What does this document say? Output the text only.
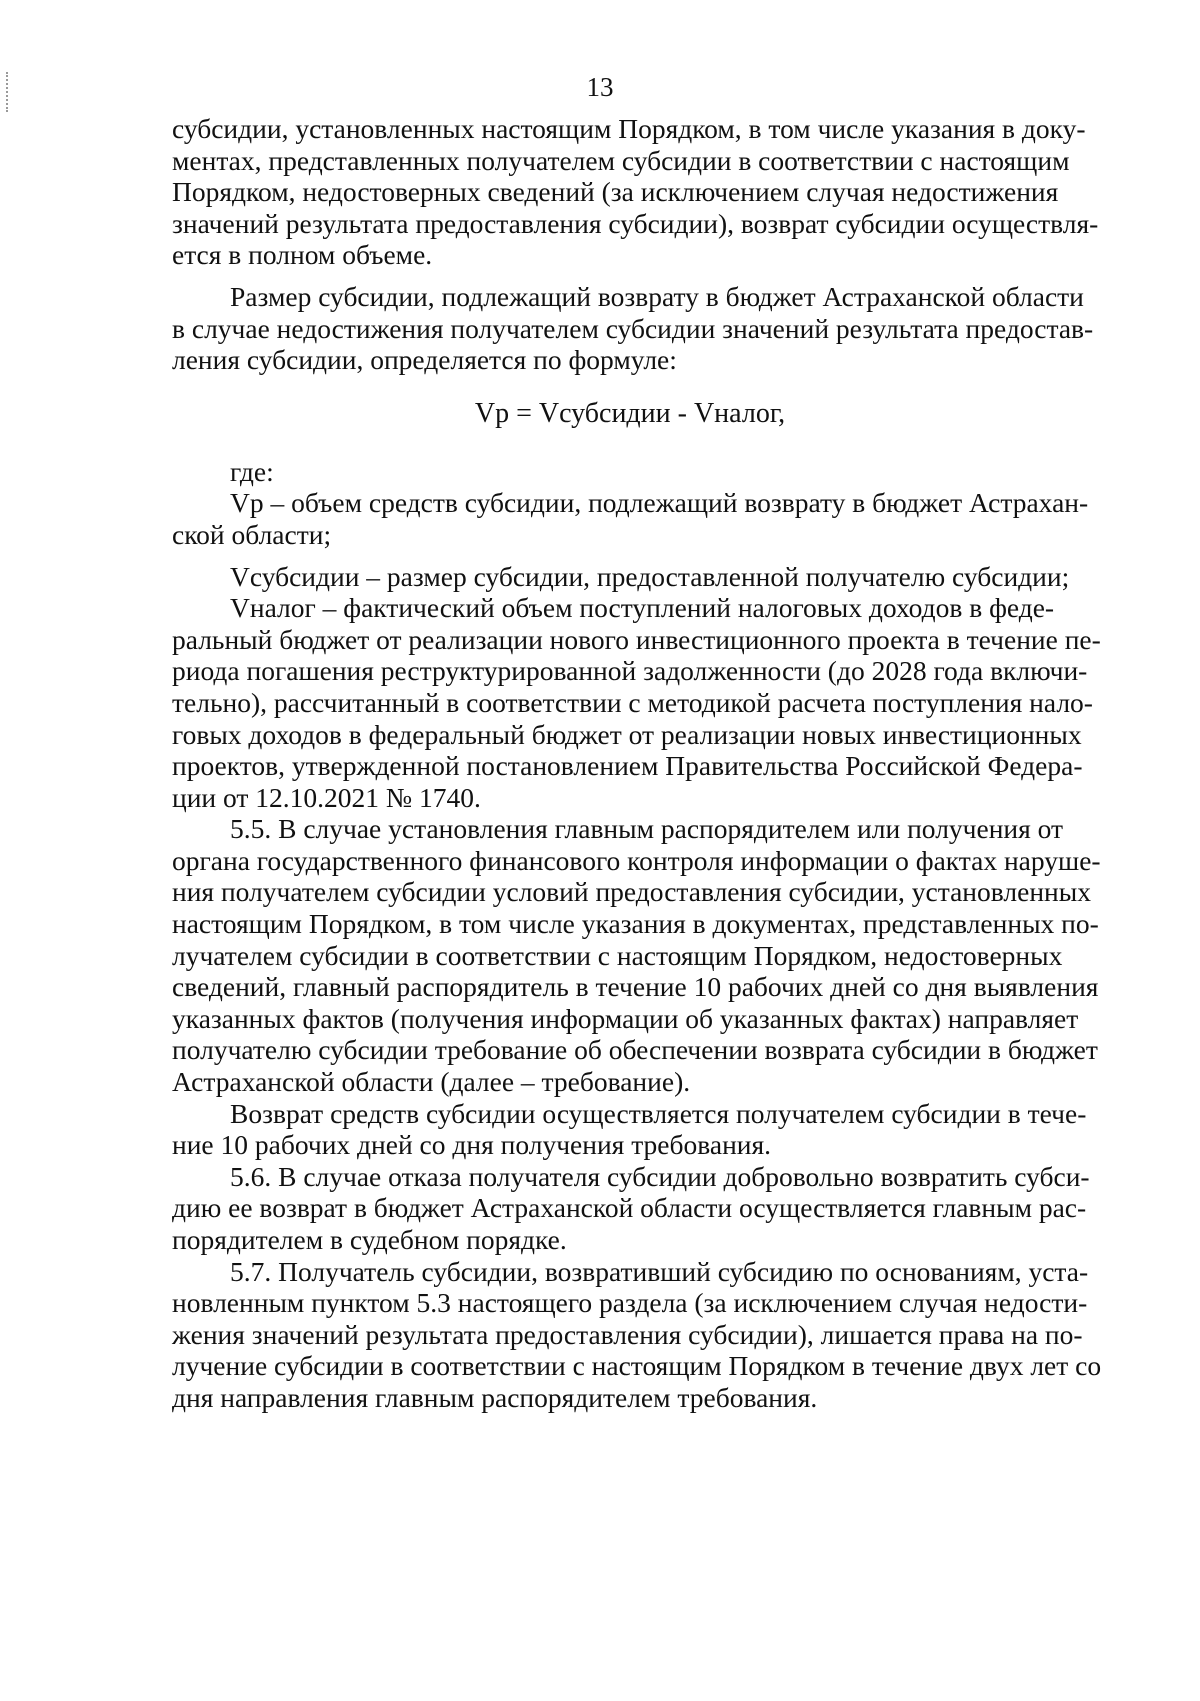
13
субсидии, установленных настоящим Порядком, в том числе указания в доку-
ментах, представленных получателем субсидии в соответствии с настоящим
Порядком, недостоверных сведений (за исключением случая недостижения
значений результата предоставления субсидии), возврат субсидии осуществля-
ется в полном объеме.
Размер субсидии, подлежащий возврату в бюджет Астраханской области
в случае недостижения получателем субсидии значений результата предостав-
ления субсидии, определяется по формуле:
Vр = Vсубсидии - Vналог,
где:
Vр – объем средств субсидии, подлежащий возврату в бюджет Астрахан-
ской области;
Vсубсидии – размер субсидии, предоставленной получателю субсидии;
Vналог – фактический объем поступлений налоговых доходов в феде-
ральный бюджет от реализации нового инвестиционного проекта в течение пе-
риода погашения реструктурированной задолженности (до 2028 года включи-
тельно), рассчитанный в соответствии с методикой расчета поступления нало-
говых доходов в федеральный бюджет от реализации новых инвестиционных
проектов, утвержденной постановлением Правительства Российской Федера-
ции от 12.10.2021 № 1740.
5.5. В случае установления главным распорядителем или получения от
органа государственного финансового контроля информации о фактах наруше-
ния получателем субсидии условий предоставления субсидии, установленных
настоящим Порядком, в том числе указания в документах, представленных по-
лучателем субсидии в соответствии с настоящим Порядком, недостоверных
сведений, главный распорядитель в течение 10 рабочих дней со дня выявления
указанных фактов (получения информации об указанных фактах) направляет
получателю субсидии требование об обеспечении возврата субсидии в бюджет
Астраханской области (далее – требование).
Возврат средств субсидии осуществляется получателем субсидии в тече-
ние 10 рабочих дней со дня получения требования.
5.6. В случае отказа получателя субсидии добровольно возвратить субси-
дию ее возврат в бюджет Астраханской области осуществляется главным рас-
порядителем в судебном порядке.
5.7. Получатель субсидии, возвративший субсидию по основаниям, уста-
новленным пунктом 5.3 настоящего раздела (за исключением случая недости-
жения значений результата предоставления субсидии), лишается права на по-
лучение субсидии в соответствии с настоящим Порядком в течение двух лет со
дня направления главным распорядителем требования.
